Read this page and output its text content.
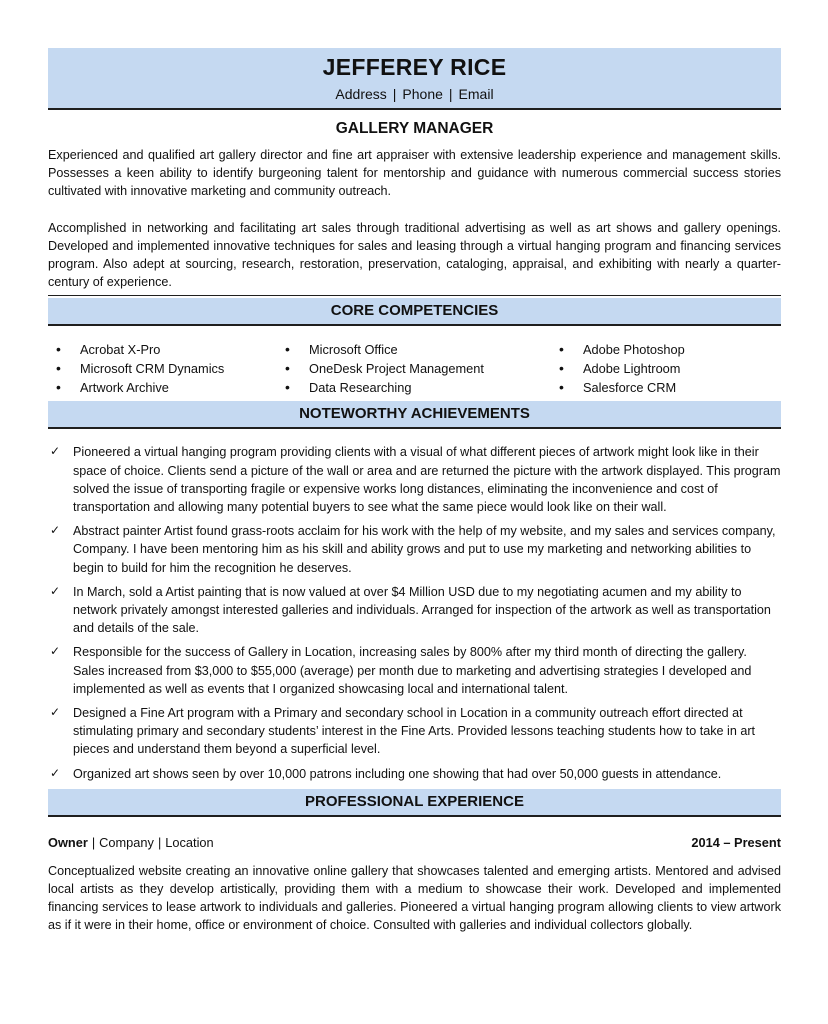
JEFFEREY RICE
Address | Phone | Email
GALLERY MANAGER

Experienced and qualified art gallery director and fine art appraiser with extensive leadership experience and management skills. Possesses a keen ability to identify burgeoning talent for mentorship and guidance with numerous commercial success stories cultivated with innovative marketing and community outreach.

Accomplished in networking and facilitating art sales through traditional advertising as well as art shows and gallery openings. Developed and implemented innovative techniques for sales and leasing through a virtual hanging program and financing services program. Also adept at sourcing, research, restoration, preservation, cataloging, appraisal, and exhibiting with nearly a quarter-century of experience.

CORE COMPETENCIES
• Acrobat X-Pro
• Microsoft CRM Dynamics
• Artwork Archive
• Microsoft Office
• OneDesk Project Management
• Data Researching
• Adobe Photoshop
• Adobe Lightroom
• Salesforce CRM
NOTEWORTHY ACHIEVEMENTS
✓ Pioneered a virtual hanging program providing clients with a visual of what different pieces of artwork might look like in their space of choice. Clients send a picture of the wall or area and are returned the picture with the artwork displayed. This program solved the issue of transporting fragile or expensive works long distances, eliminating the inconvenience and cost of transportation and allowing many potential buyers to see what the same piece would look like on their wall.
✓ Abstract painter Artist found grass-roots acclaim for his work with the help of my website, and my sales and services company, Company. I have been mentoring him as his skill and ability grows and put to use my marketing and networking abilities to begin to build for him the recognition he deserves.
✓ In March, sold a Artist painting that is now valued at over $4 Million USD due to my negotiating acumen and my ability to network privately amongst interested galleries and individuals. Arranged for inspection of the artwork as well as transportation and details of the sale.
✓ Responsible for the success of Gallery in Location, increasing sales by 800% after my third month of directing the gallery. Sales increased from $3,000 to $55,000 (average) per month due to marketing and advertising strategies I developed and implemented as well as events that I organized showcasing local and international talent.
✓ Designed a Fine Art program with a Primary and secondary school in Location in a community outreach effort directed at stimulating primary and secondary students’ interest in the Fine Arts. Provided lessons teaching students how to take in art pieces and understand them beyond a superficial level.
✓ Organized art shows seen by over 10,000 patrons including one showing that had over 50,000 guests in attendance.
PROFESSIONAL EXPERIENCE
Owner | Company | Location	2014 – Present

Conceptualized website creating an innovative online gallery that showcases talented and emerging artists. Mentored and advised local artists as they develop artistically, providing them with a medium to showcase their work. Developed and implemented financing services to lease artwork to individuals and galleries. Pioneered a virtual hanging program allowing clients to view artwork as if it were in their home, office or environment of choice. Consulted with galleries and individual collectors globally.
